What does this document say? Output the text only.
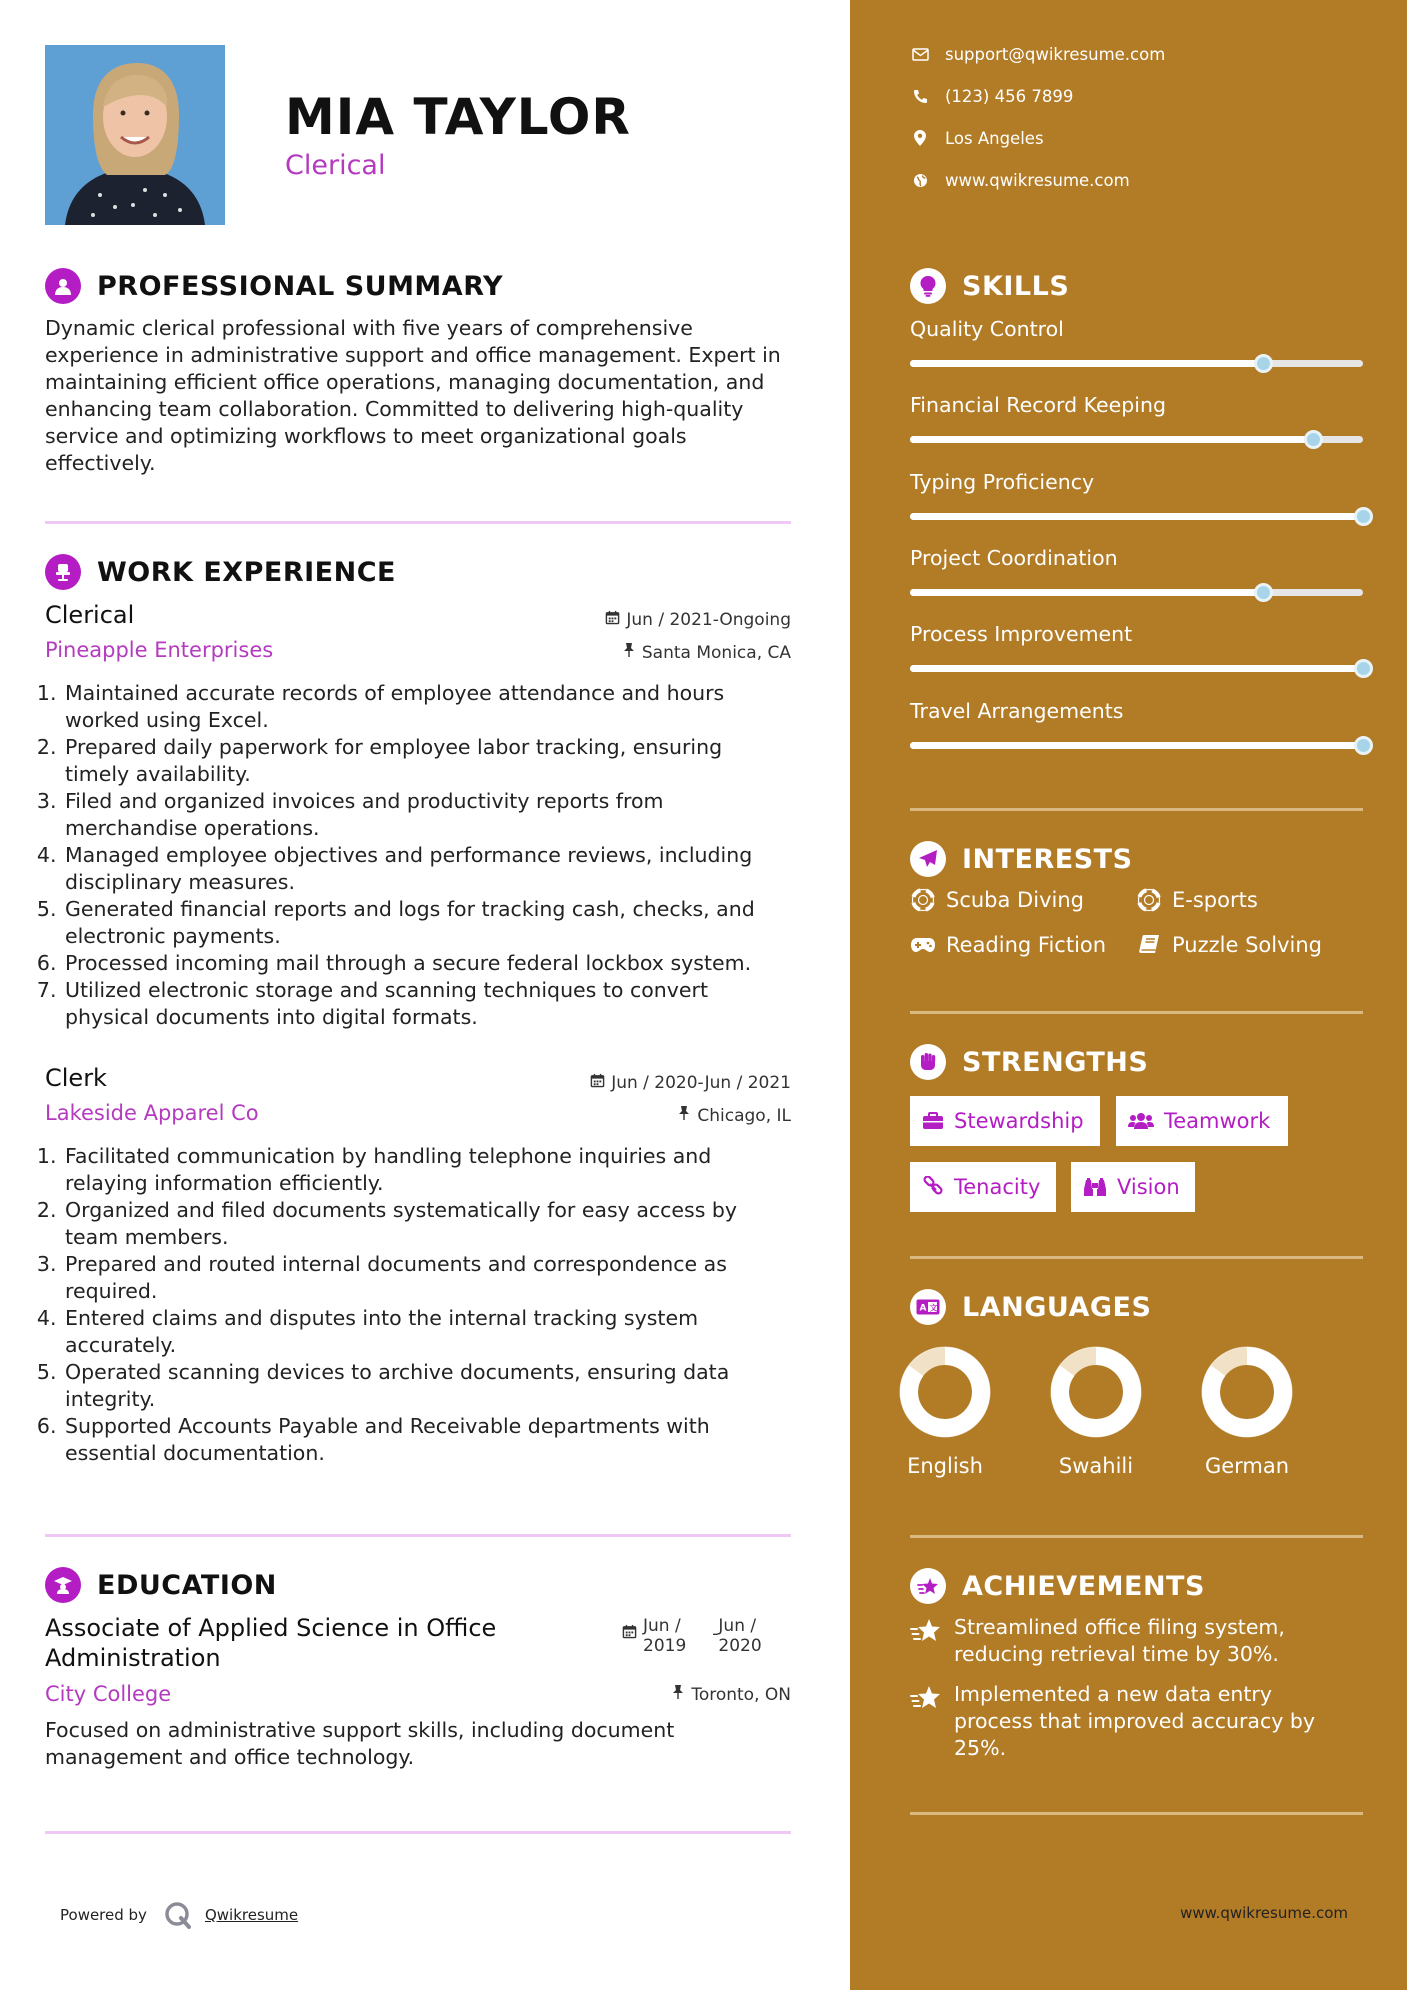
MIA TAYLOR
Clerical
PROFESSIONAL SUMMARY
Dynamic clerical professional with five years of comprehensive experience in administrative support and office management. Expert in maintaining efficient office operations, managing documentation, and enhancing team collaboration. Committed to delivering high-quality service and optimizing workflows to meet organizational goals effectively.
WORK EXPERIENCE
Clerical	Jun / 2021-Ongoing
Pineapple Enterprises	Santa Monica, CA
1. Maintained accurate records of employee attendance and hours worked using Excel.
2. Prepared daily paperwork for employee labor tracking, ensuring timely availability.
3. Filed and organized invoices and productivity reports from merchandise operations.
4. Managed employee objectives and performance reviews, including disciplinary measures.
5. Generated financial reports and logs for tracking cash, checks, and electronic payments.
6. Processed incoming mail through a secure federal lockbox system.
7. Utilized electronic storage and scanning techniques to convert physical documents into digital formats.
Clerk	Jun / 2020-Jun / 2021
Lakeside Apparel Co	Chicago, IL
1. Facilitated communication by handling telephone inquiries and relaying information efficiently.
2. Organized and filed documents systematically for easy access by team members.
3. Prepared and routed internal documents and correspondence as required.
4. Entered claims and disputes into the internal tracking system accurately.
5. Operated scanning devices to archive documents, ensuring data integrity.
6. Supported Accounts Payable and Receivable departments with essential documentation.
EDUCATION
Associate of Applied Science in Office Administration
Jun /
2019
- Jun /
2020
City College	Toronto, ON
Focused on administrative support skills, including document management and office technology.
Powered by	Qwikresume
support@qwikresume.com
(123) 456 7899
Los Angeles
www.qwikresume.com
SKILLS
Quality Control
Financial Record Keeping
Typing Proficiency
Project Coordination
Process Improvement
Travel Arrangements
INTERESTS
Scuba Diving	E-sports
Reading Fiction	Puzzle Solving
STRENGTHS
Stewardship	Teamwork
Tenacity	Vision
A 文 LANGUAGES
English	Swahili	German
ACHIEVEMENTS
Streamlined office filing system, reducing retrieval time by 30%.
Implemented a new data entry process that improved accuracy by 25%.
www.qwikresume.com
